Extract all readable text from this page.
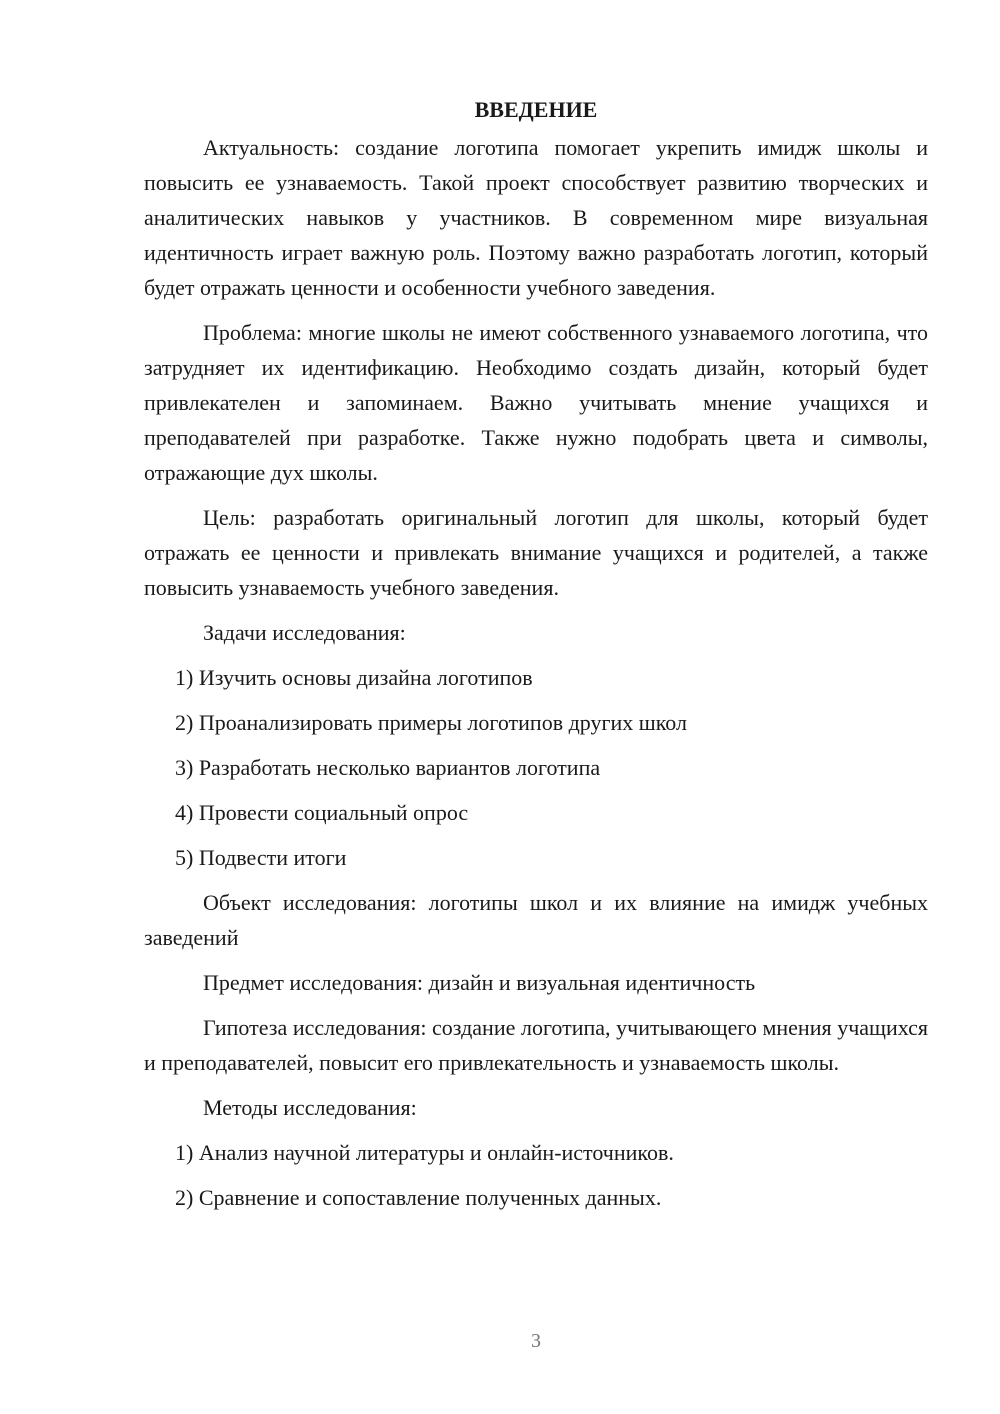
ВВЕДЕНИЕ

Актуальность: создание логотипа помогает укрепить имидж школы и повысить ее узнаваемость. Такой проект способствует развитию творческих и аналитических навыков у участников. В современном мире визуальная идентичность играет важную роль. Поэтому важно разработать логотип, который будет отражать ценности и особенности учебного заведения.

Проблема: многие школы не имеют собственного узнаваемого логотипа, что затрудняет их идентификацию. Необходимо создать дизайн, который будет привлекателен и запоминаем. Важно учитывать мнение учащихся и преподавателей при разработке. Также нужно подобрать цвета и символы, отражающие дух школы.

Цель: разработать оригинальный логотип для школы, который будет отражать ее ценности и привлекать внимание учащихся и родителей, а также повысить узнаваемость учебного заведения.

Задачи исследования:
1) Изучить основы дизайна логотипов
2) Проанализировать примеры логотипов других школ
3) Разработать несколько вариантов логотипа
4) Провести социальный опрос
5) Подвести итоги

Объект исследования: логотипы школ и их влияние на имидж учебных заведений

Предмет исследования: дизайн и визуальная идентичность

Гипотеза исследования: создание логотипа, учитывающего мнения учащихся и преподавателей, повысит его привлекательность и узнаваемость школы.

Методы исследования:
1) Анализ научной литературы и онлайн-источников.
2) Сравнение и сопоставление полученных данных.
3
